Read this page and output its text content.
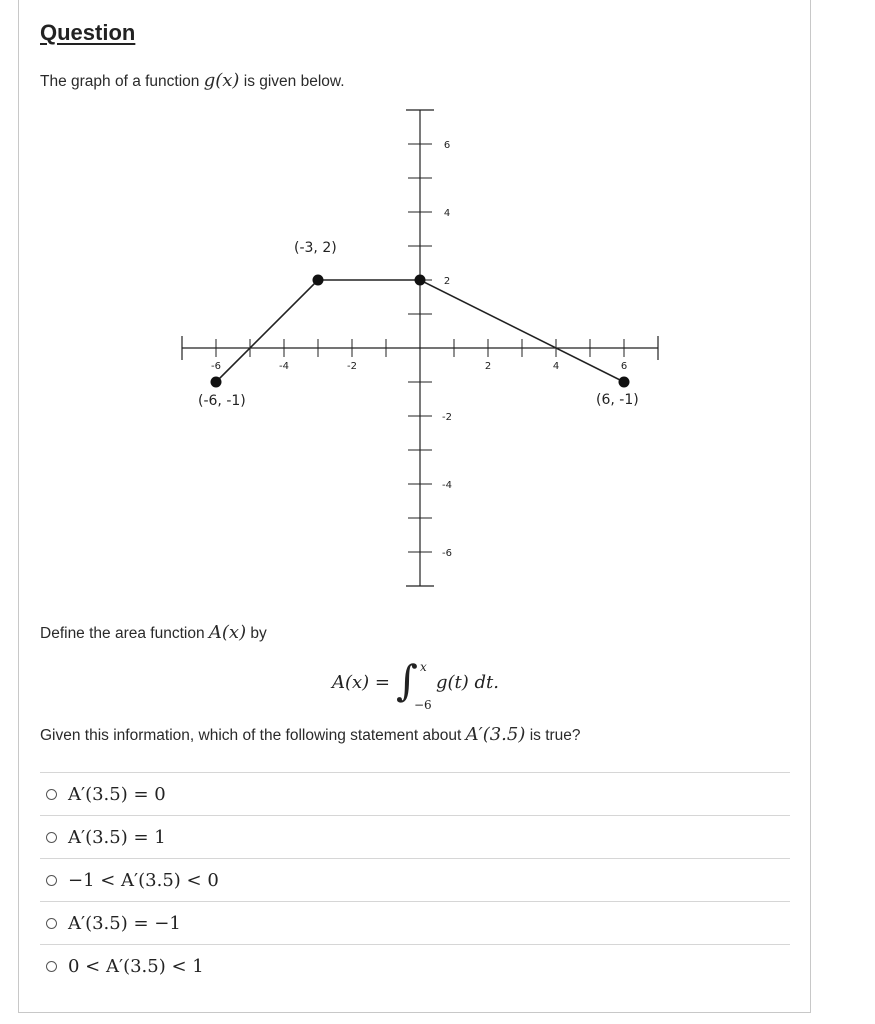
Question
The graph of a function g(x) is given below.
-6	-4	-2	2	4	6
6
4
2
-2
-4
-6
(-3, 2)
(-6, -1)	(6, -1)
Define the area function A(x) by
A(x) = ∫ x
−6
g(t) dt.
Given this information, which of the following statement about A′(3.5) is true?
A′(3.5) = 0
A′(3.5) = 1
−1 < A′(3.5) < 0
A′(3.5) = −1
0 < A′(3.5) < 1
